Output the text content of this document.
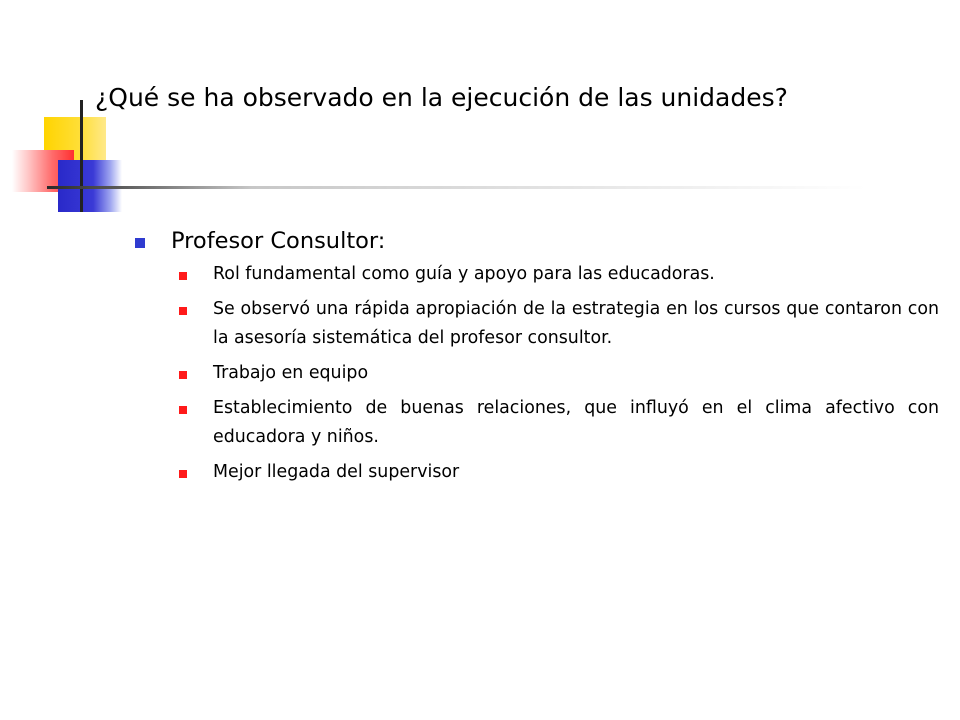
¿Qué se ha observado en la ejecución de las unidades?
Profesor Consultor:
Rol fundamental como guía y apoyo para las educadoras.
Se observó una rápida apropiación de la estrategia en los cursos que contaron con la asesoría sistemática del profesor consultor.
Trabajo en equipo
Establecimiento de buenas relaciones, que influyó en el clima afectivo con educadora y niños.
Mejor llegada del supervisor
